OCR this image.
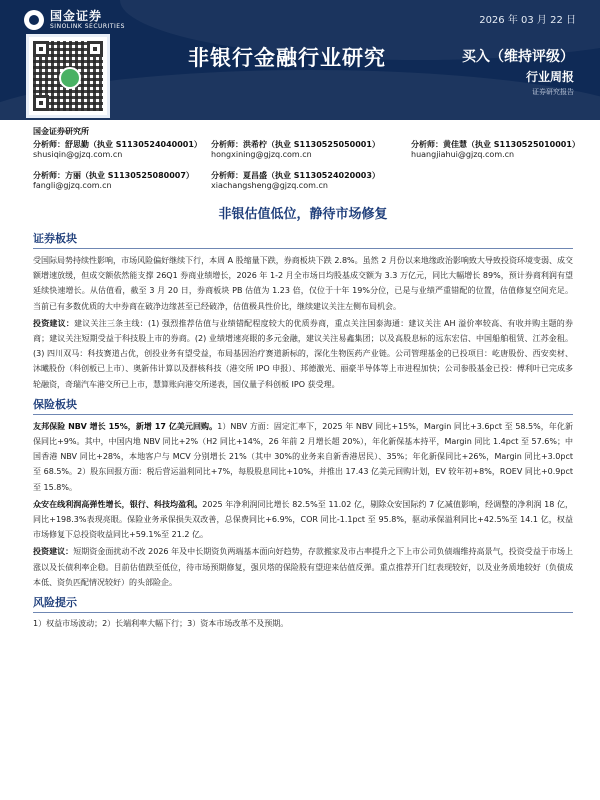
国金证券
SINOLINK SECURITIES
2026 年 03 月 22 日
非银行金融行业研究	买入（维持评级）
行业周报
证券研究报告
国金证券研究所
分析师：舒思勤（执业 S1130524040001）
shusiqin@gjzq.com.cn
分析师：洪希柠（执业 S1130525050001）
hongxining@gjzq.com.cn
分析师：黄佳慧（执业 S1130525010001）
huangjiahui@gjzq.com.cn
分析师：方丽（执业 S1130525080007）
fangli@gjzq.com.cn
分析师：夏昌盛（执业 S1130524020003）
xiachangsheng@gjzq.com.cn
非银估值低位，静待市场修复
证券板块

受国际局势持续性影响，市场风险偏好继续下行，本周 A 股缩量下跌，券商板块下跌 2.8%。虽然 2 月份以来地缘政治影响致大导致投资环境变弱、成交额增速放缓，但成交额依然能支撑 26Q1 券商业绩增长，2026 年 1-2 月全市场日均股基成交额为 3.3 万亿元，同比大幅增长 89%，预计券商利润有望延续快速增长。从估值看，截至 3 月 20 日，券商板块 PB 估值为 1.23 倍，仅位于十年 19%分位，已是与业绩严重错配的位置，估值修复空间充足。当前已有多数优质的大中券商在破净边缘甚至已经破净，估值极具性价比，继续建议关注左侧布局机会。

投资建议：建议关注三条主线：(1) 强烈推荐估值与业绩错配程度较大的优质券商，重点关注国泰海通：建议关注 AH 溢价率较高、有收并购主题的券商；建议关注短期受益于科技股上市的券商。(2) 业绩增速亮眼的多元金融，建议关注易鑫集团；以及高股息标的远东宏信、中国船舶租赁、江苏金租。(3) 四川双马：科技赛道占优，创投业务有望受益，布局基因治疗赛道新标的，深化生物医药产业链。公司管理基金的已投项目：屹唐股份、西安奕材、沐曦股份（科创板已上市）、奥新伟计算以及群核科技（港交所 IPO 申报）、邦德激光、丽豪半导体等上市进程加快；公司参股基金已投：傅利叶已完成多轮融资，奇瑞汽车港交所已上市，慧算账向港交所递表，国仪量子科创板 IPO 获受理。

保险板块

友邦保险 NBV 增长 15%，新增 17 亿美元回购。1）NBV 方面：固定汇率下，2025 年 NBV 同比+15%，Margin 同比+3.6pct 至 58.5%，年化新保同比+9%。其中，中国内地 NBV 同比+2%（H2 同比+14%，26 年前 2 月增长超 20%），年化新保基本持平，Margin 同比 1.4pct 至 57.6%；中国香港 NBV 同比+28%，本地客户与 MCV 分别增长 21%（其中 30%的业务来自新香港居民）、35%；年化新保同比+26%，Margin 同比+3.0pct 至 68.5%。2）股东回报方面：税后营运溢利同比+7%，每股股息同比+10%，并推出 17.43 亿美元回购计划，EV 较年初+8%，ROEV 同比+0.9pct 至 15.8%。

众安在线利润高弹性增长，银行、科技均盈利。2025 年净利润同比增长 82.5%至 11.02 亿，剔除众安国际约 7 亿减值影响，经调整的净利润 18 亿，同比+198.3%表现亮眼。保险业务承保损失双改善，总保费同比+6.9%，COR 同比-1.1pct 至 95.8%，驱动承保溢利同比+42.5%至 14.1 亿，权益市场修复下总投资收益同比+59.1%至 21.2 亿。

投资建议：短期资金面扰动不改 2026 年及中长期资负两端基本面向好趋势，存款搬家及市占率提升之下上市公司负债端维持高景气，投资受益于市场上涨以及长债利率企稳。目前估值跌至低位，待市场预期修复，强贝塔的保险股有望迎来估值反弹。重点推荐开门红表现较好，以及业务质地较好（负债成本低、资负匹配情况较好）的头部险企。

风险提示
1）权益市场波动；2）长端利率大幅下行；3）资本市场改革不及预期。
